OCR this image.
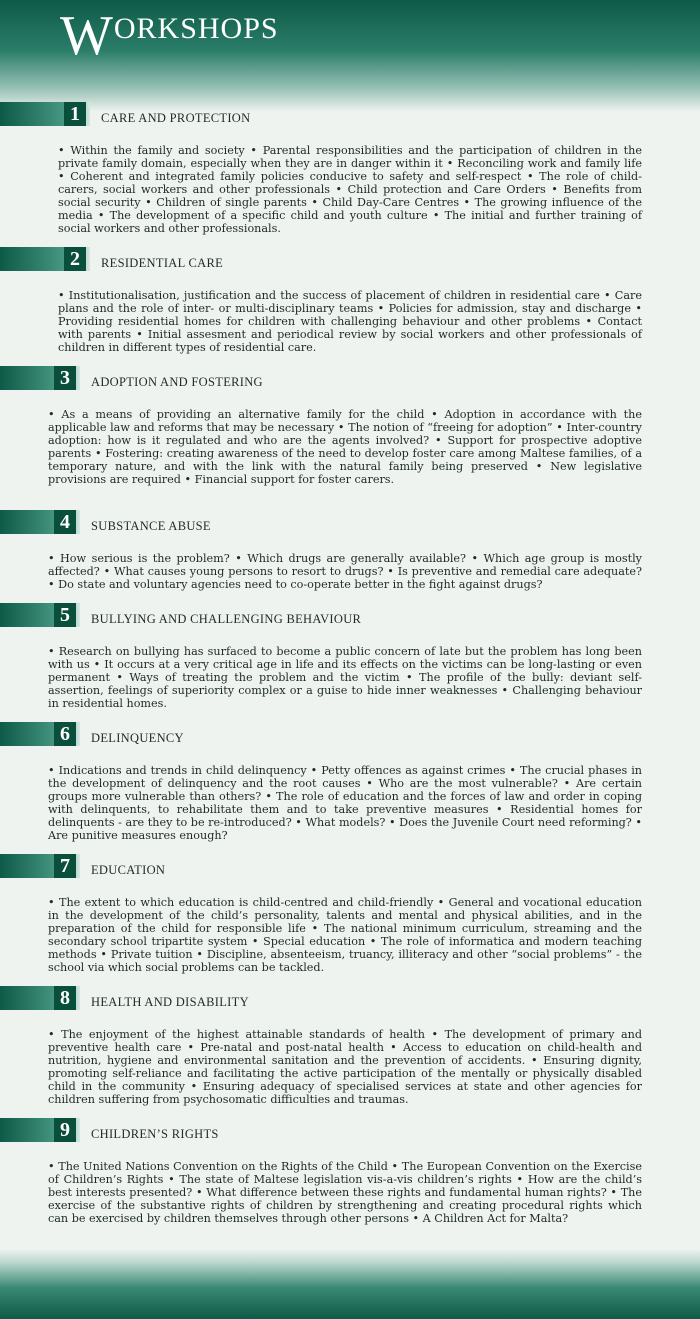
WORKSHOPS
1	CARE AND PROTECTION
• Within the family and society • Parental responsibilities and the participation of children in the private family domain, especially when they are in danger within it • Reconciling work and family life • Coherent and integrated family policies conducive to safety and self-respect • The role of child-carers, social workers and other professionals • Child protection and Care Orders • Benefits from social security • Children of single parents • Child Day-Care Centres • The growing influence of the media • The development of a specific child and youth culture • The initial and further training of social workers and other professionals.
2	RESIDENTIAL CARE
• Institutionalisation, justification and the success of placement of children in residential care • Care plans and the role of inter- or multi-disciplinary teams • Policies for admission, stay and discharge • Providing residential homes for children with challenging behaviour and other problems • Contact with parents • Initial assesment and periodical review by social workers and other professionals of children in different types of residential care.
3	ADOPTION AND FOSTERING
• As a means of providing an alternative family for the child • Adoption in accordance with the applicable law and reforms that may be necessary • The notion of “freeing for adoption” • Inter-country adoption: how is it regulated and who are the agents involved? • Support for prospective adoptive parents • Fostering: creating awareness of the need to develop foster care among Maltese families, of a temporary nature, and with the link with the natural family being preserved • New legislative provisions are required • Financial support for foster carers.
4	SUBSTANCE ABUSE
• How serious is the problem? • Which drugs are generally available? • Which age group is mostly affected? • What causes young persons to resort to drugs? • Is preventive and remedial care adequate? • Do state and voluntary agencies need to co-operate better in the fight against drugs?
5	BULLYING AND CHALLENGING BEHAVIOUR
• Research on bullying has surfaced to become a public concern of late but the problem has long been with us • It occurs at a very critical age in life and its effects on the victims can be long-lasting or even permanent • Ways of treating the problem and the victim • The profile of the bully: deviant self-assertion, feelings of superiority complex or a guise to hide inner weaknesses • Challenging behaviour in residential homes.
6	DELINQUENCY
• Indications and trends in child delinquency • Petty offences as against crimes • The crucial phases in the development of delinquency and the root causes • Who are the most vulnerable? • Are certain groups more vulnerable than others? • The role of education and the forces of law and order in coping with delinquents, to rehabilitate them and to take preventive measures • Residential homes for delinquents - are they to be re-introduced? • What models? • Does the Juvenile Court need reforming? • Are punitive measures enough?
7	EDUCATION
• The extent to which education is child-centred and child-friendly • General and vocational education in the development of the child’s personality, talents and mental and physical abilities, and in the preparation of the child for responsible life • The national minimum curriculum, streaming and the secondary school tripartite system • Special education • The role of informatica and modern teaching methods • Private tuition • Discipline, absenteeism, truancy, illiteracy and other “social problems” - the school via which social problems can be tackled.
8	HEALTH AND DISABILITY
• The enjoyment of the highest attainable standards of health • The development of primary and preventive health care • Pre-natal and post-natal health • Access to education on child-health and nutrition, hygiene and environmental sanitation and the prevention of accidents. • Ensuring dignity, promoting self-reliance and facilitating the active participation of the mentally or physically disabled child in the community • Ensuring adequacy of specialised services at state and other agencies for children suffering from psychosomatic difficulties and traumas.
9	CHILDREN’S RIGHTS
• The United Nations Convention on the Rights of the Child • The European Convention on the Exercise of Children’s Rights • The state of Maltese legislation vis-a-vis children’s rights • How are the child’s best interests presented? • What difference between these rights and fundamental human rights? • The exercise of the substantive rights of children by strengthening and creating procedural rights which can be exercised by children themselves through other persons • A Children Act for Malta?
